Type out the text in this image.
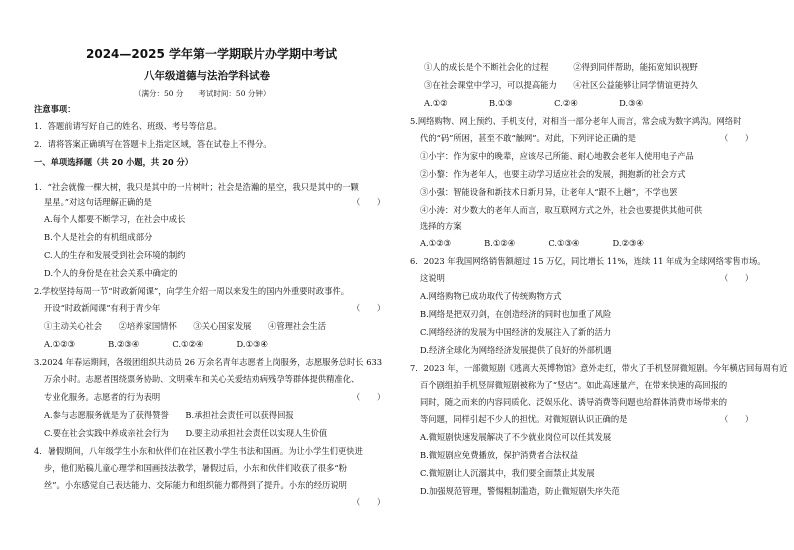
2024—2025 学年第一学期联片办学期中考试
八年级道德与法治学科试卷
（满分：50 分　　考试时间：50 分钟）
注意事项：
1．答题前请写好自己的姓名、班级、考号等信息。
2．请将答案正确填写在答题卡上指定区域，答在试卷上不得分。
一、单项选择题（共 20 小题，共 20 分）
1．“社会就像一棵大树，我只是其中的一片树叶；社会是浩瀚的星空，我只是其中的一颗
星星。”对这句话理解正确的是	（　　）
A.每个人都要不断学习，在社会中成长
B.个人是社会的有机组成部分
C.人的生存和发展受到社会环境的制约
D.个人的身份是在社会关系中确定的
2.学校坚持每周一节“时政新闻课”，向学生介绍一周以来发生的国内外重要时政事件。
开设“时政新闻课”有利于青少年	（　　）
①主动关心社会　　②培养家国情怀　　③关心国家发展　　④管理社会生活
A.①②③　　　　B.②③④　　　　C.①②④　　　　D.①③④
3.2024 年春运期间，各级团组织共动员 26 万余名青年志愿者上岗服务，志愿服务总时长 633
万余小时。志愿者围绕票务协助、文明乘车和关心关爱结劝病残孕等群体提供精准化、
专业化服务。志愿者的行为表明	（　　）
A.参与志愿服务就是为了获得赞誉　　B.承担社会责任可以获得回报
C.要在社会实践中养成亲社会行为　　D.要主动承担社会责任以实现人生价值
4．暑假期间，八年级学生小东和伙伴们在社区教小学生书法和国画。为让小学生们更快进
步，他们贴稿儿童心理学和国画技法教学，暑假过后，小东和伙伴们收获了很多“粉
丝”。小东感觉自己表达能力、交际能力和组织能力都得到了提升。小东的经历说明
（　　）
①人的成长是个不断社会化的过程　　　②得到同伴帮助，能拓宽知识视野
③在社会课堂中学习，可以提高能力　　④社区公益能够让同学情谊更持久
A.①②　　　　　B.①③　　　　　C.②④　　　　　D.③④
5.网络购物、网上预约、手机支付，对相当一部分老年人而言，常会成为数字鸿沟。网络时
代的“码”所困，甚至不敢“触网”。对此，下列评论正确的是	（　　）
①小宇：作为家中的晚辈，应该尽己所能、耐心地教会老年人使用电子产品
②小黎：作为老年人，也要主动学习适应社会的发展，拥抱新的社会方式
③小强：智能设备和新技术日新月异，让老年人“跟不上趟”，不学也罢
④小涛：对少数大的老年人而言，取互联网方式之外，社会也要提供其他可供
选择的方案
A.①②③　　　　B.①②④　　　　C.①③④　　　　D.②③④
6．2023 年我国网络销售额超过 15 万亿，同比增长 11%，连续 11 年成为全球网络零售市场。
这说明	（　　）
A.网络购物已成功取代了传统购物方式
B.网络是把双刃剑，在创造经济的同时也加重了风险
C.网络经济的发展为中国经济的发展注入了新的活力
D.经济全球化为网络经济发展提供了良好的外部机遇
7．2023 年，一部微短剧《逃离大英博物馆》意外走红，带火了手机竖屏微短剧。今年横店回每周有近
百个剧组拍手机竖屏微短剧被称为了“竖店”。如此高速量产，在带来快速的高回报的
同时，随之而来的内容同质化、泛娱乐化、诱导消费等问题也给群体消费市场带来的
等问题，同样引起不少人的担忧。对微短剧认识正确的是	（　　）
A.微短剧快速发展解决了不少就业岗位可以任其发展
B.微短剧应免费播放，保护消费者合法权益
C.微短剧让人沉溺其中，我们要全面禁止其发展
D.加强规范管理，警惕粗制滥造，防止微短剧失序失范
